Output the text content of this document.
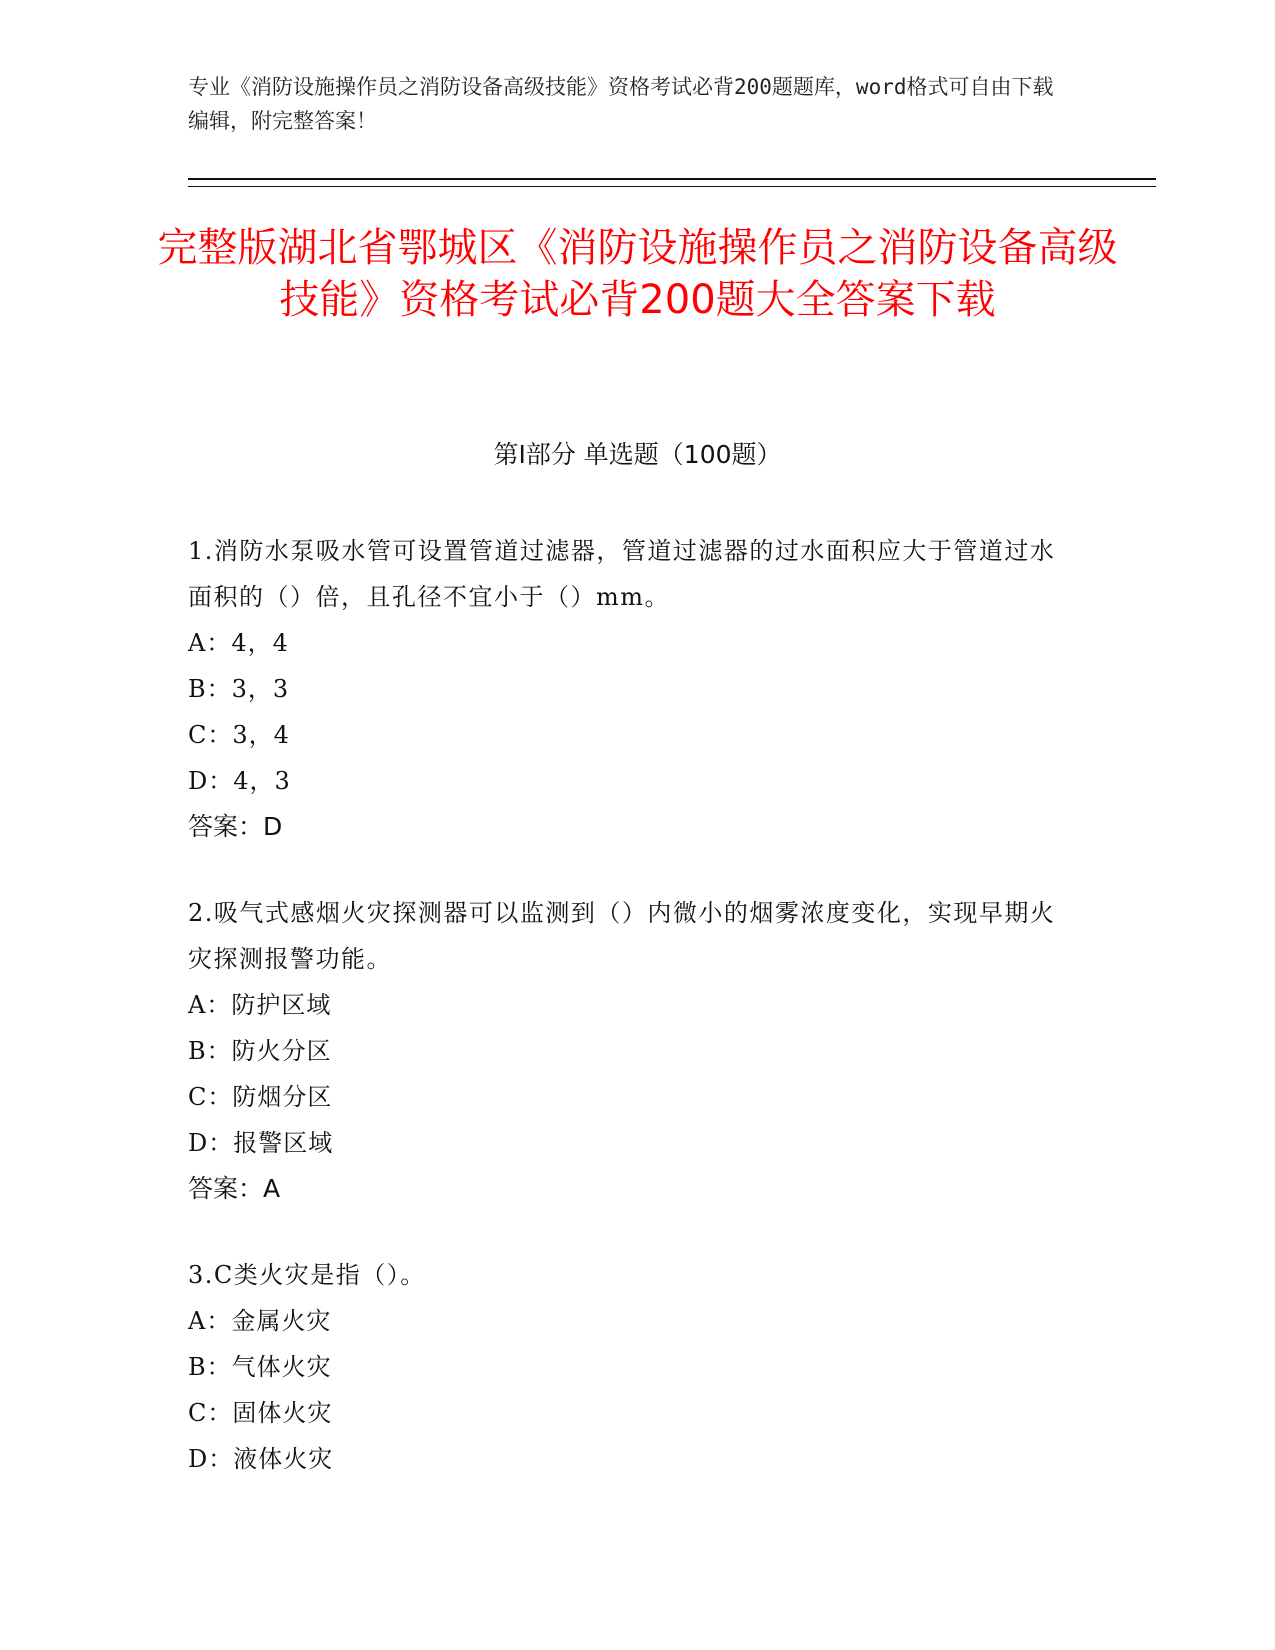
专业《消防设施操作员之消防设备高级技能》资格考试必背200题题库，word格式可自由下载编辑，附完整答案！
完整版湖北省鄂城区《消防设施操作员之消防设备高级技能》资格考试必背200题大全答案下载
第Ⅰ部分 单选题（100题）
1.消防水泵吸水管可设置管道过滤器，管道过滤器的过水面积应大于管道过水面积的（）倍，且孔径不宜小于（）mm。
A：4，4
B：3，3
C：3，4
D：4，3
答案：D
2.吸气式感烟火灾探测器可以监测到（）内微小的烟雾浓度变化，实现早期火灾探测报警功能。
A：防护区域
B：防火分区
C：防烟分区
D：报警区域
答案：A
3.C类火灾是指（）。
A：金属火灾
B：气体火灾
C：固体火灾
D：液体火灾
